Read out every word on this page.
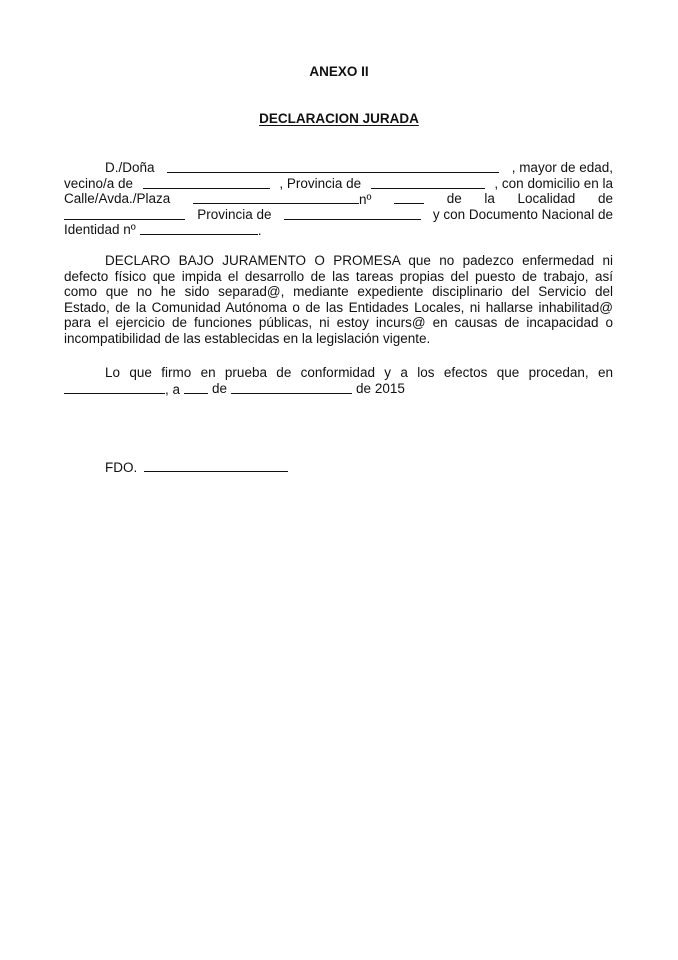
ANEXO II

DECLARACION JURADA

D./Doña	, mayor de edad,
vecino/a de	, Provincia de	, con domicilio en la
Calle/Avda./Plaza	nº	de la Localidad de
Provincia de	y con Documento Nacional de
Identidad nº	.
DECLARO BAJO JURAMENTO O PROMESA que no padezco enfermedad ni
defecto físico que impida el desarrollo de las tareas propias del puesto de trabajo, así
como que no he sido separad@, mediante expediente disciplinario del Servicio del
Estado, de la Comunidad Autónoma o de las Entidades Locales, ni hallarse inhabilitad@
para el ejercicio de funciones públicas, ni estoy incurs@ en causas de incapacidad o
incompatibilidad de las establecidas en la legislación vigente.
Lo que firmo en prueba de conformidad y a los efectos que procedan, en
, a de	de 2015
FDO.
